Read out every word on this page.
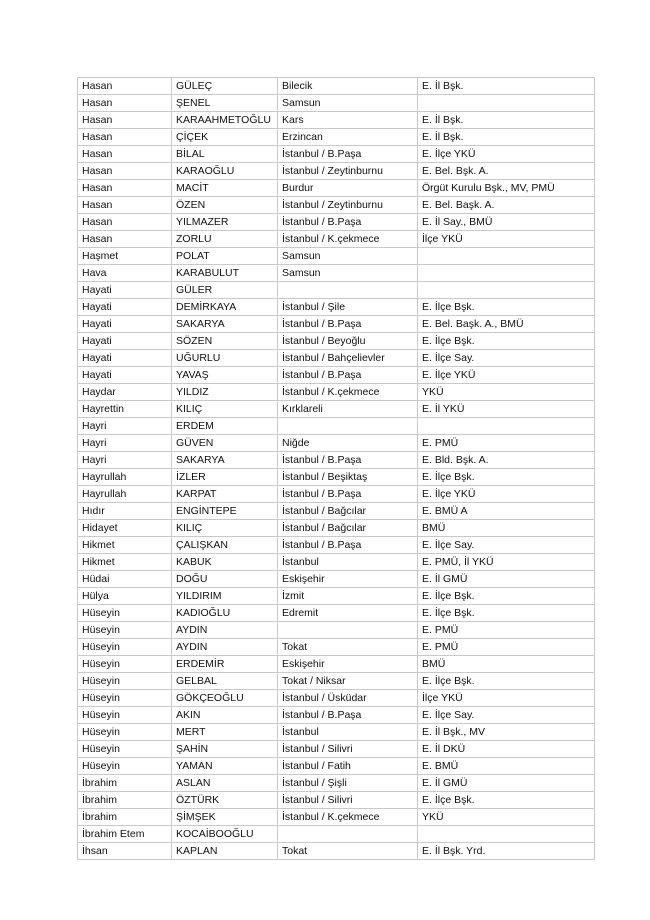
Hasan	GÜLEÇ	Bilecik	E. İl Bşk.
Hasan	ŞENEL	Samsun	
Hasan	KARAAHMETOĞLU	Kars	E. İl Bşk.
Hasan	ÇİÇEK	Erzincan	E. İl Bşk.
Hasan	BİLAL	İstanbul / B.Paşa	E. İlçe YKÜ
Hasan	KARAOĞLU	İstanbul / Zeytinburnu	E. Bel. Bşk. A.
Hasan	MACİT	Burdur	Örgüt Kurulu Bşk., MV, PMÜ
Hasan	ÖZEN	İstanbul / Zeytinburnu	E. Bel. Başk. A.
Hasan	YILMAZER	İstanbul / B.Paşa	E. İl Say., BMÜ
Hasan	ZORLU	İstanbul / K.çekmece	İlçe YKÜ
Haşmet	POLAT	Samsun	
Hava	KARABULUT	Samsun	
Hayati	GÜLER		
Hayati	DEMİRKAYA	İstanbul / Şile	E. İlçe Bşk.
Hayati	SAKARYA	İstanbul / B.Paşa	E. Bel. Başk. A., BMÜ
Hayati	SÖZEN	İstanbul / Beyoğlu	E. İlçe Bşk.
Hayati	UĞURLU	İstanbul / Bahçelievler	E. İlçe Say.
Hayati	YAVAŞ	İstanbul / B.Paşa	E. İlçe YKÜ
Haydar	YILDIZ	İstanbul / K.çekmece	YKÜ
Hayrettin	KILIÇ	Kırklareli	E. İl YKÜ
Hayri	ERDEM		
Hayri	GÜVEN	Niğde	E. PMÜ
Hayri	SAKARYA	İstanbul / B.Paşa	E. Bld. Bşk. A.
Hayrullah	İZLER	İstanbul / Beşiktaş	E. İlçe Bşk.
Hayrullah	KARPAT	İstanbul / B.Paşa	E. İlçe YKÜ
Hıdır	ENGİNTEPE	İstanbul / Bağcılar	E. BMÜ A
Hidayet	KILIÇ	İstanbul / Bağcılar	BMÜ
Hikmet	ÇALIŞKAN	İstanbul / B.Paşa	E. İlçe Say.
Hikmet	KABUK	İstanbul	E. PMÜ, İl YKÜ
Hüdai	DOĞU	Eskişehir	E. İl GMÜ
Hülya	YILDIRIM	İzmit	E. İlçe Bşk.
Hüseyin	KADIOĞLU	Edremit	E. İlçe Bşk.
Hüseyin	AYDIN		E. PMÜ
Hüseyin	AYDIN	Tokat	E. PMÜ
Hüseyin	ERDEMİR	Eskişehir	BMÜ
Hüseyin	GELBAL	Tokat / Niksar	E. İlçe Bşk.
Hüseyin	GÖKÇEOĞLU	İstanbul / Üsküdar	İlçe YKÜ
Hüseyin	AKIN	İstanbul / B.Paşa	E. İlçe Say.
Hüseyin	MERT	İstanbul	E. İl Bşk., MV
Hüseyin	ŞAHİN	İstanbul / Silivri	E. İl DKÜ
Hüseyin	YAMAN	İstanbul / Fatih	E. BMÜ
İbrahim	ASLAN	İstanbul / Şişli	E. İl GMÜ
İbrahim	ÖZTÜRK	İstanbul / Silivri	E. İlçe Bşk.
İbrahim	ŞİMŞEK	İstanbul / K.çekmece	YKÜ
İbrahim Etem	KOCAİBOOĞLU		
İhsan	KAPLAN	Tokat	E. İl Bşk. Yrd.
